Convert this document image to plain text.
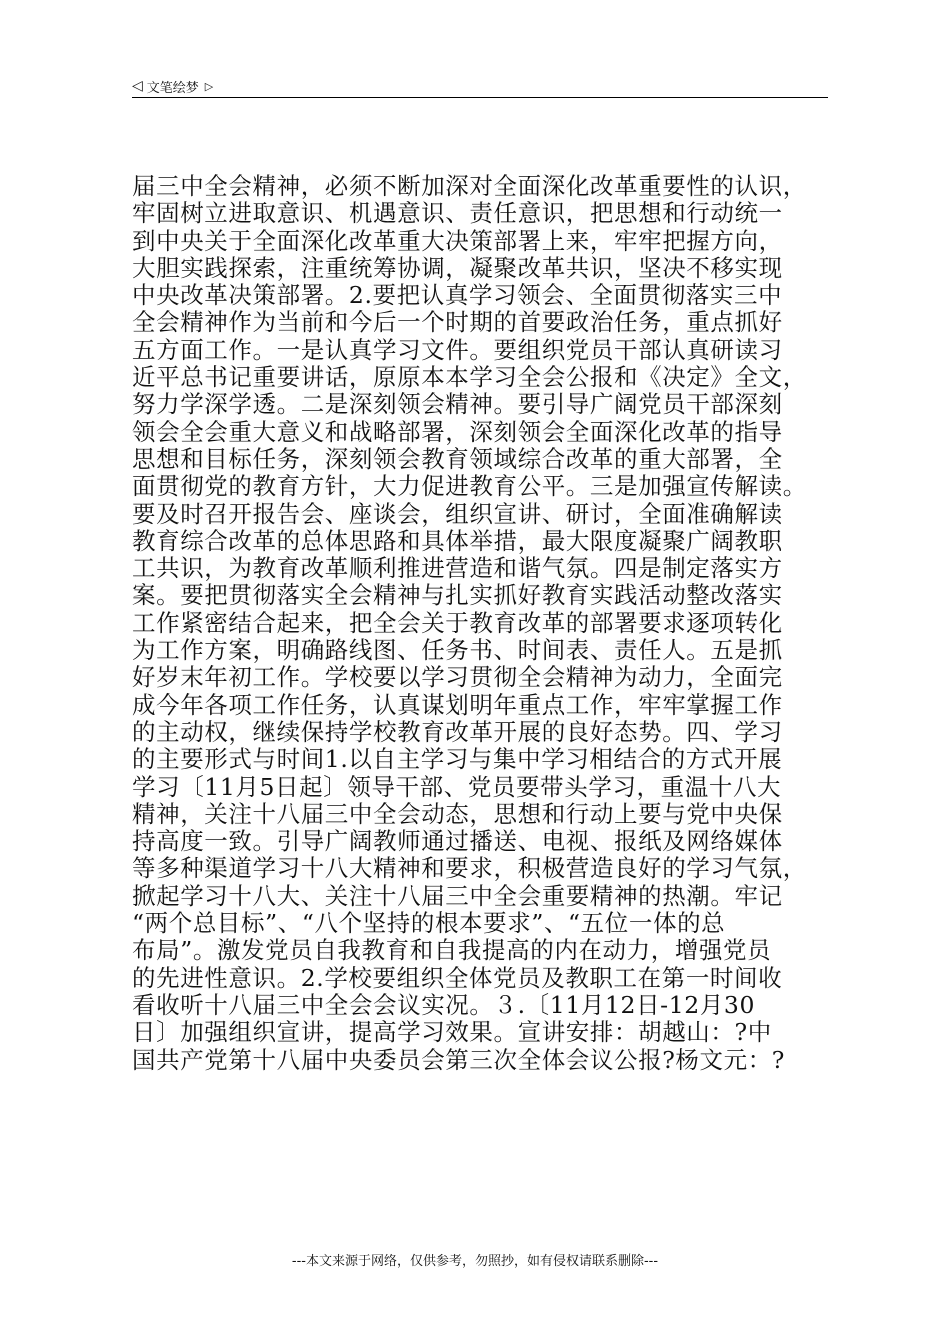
◁ 文笔绘梦 ▷
届三中全会精神，必须不断加深对全面深化改革重要性的认识，
牢固树立进取意识、机遇意识、责任意识，把思想和行动统一
到中央关于全面深化改革重大决策部署上来，牢牢把握方向，
大胆实践探索，注重统筹协调，凝聚改革共识，坚决不移实现
中央改革决策部署。2.要把认真学习领会、全面贯彻落实三中
全会精神作为当前和今后一个时期的首要政治任务，重点抓好
五方面工作。一是认真学习文件。要组织党员干部认真研读习
近平总书记重要讲话，原原本本学习全会公报和《决定》全文，
努力学深学透。二是深刻领会精神。要引导广阔党员干部深刻
领会全会重大意义和战略部署，深刻领会全面深化改革的指导
思想和目标任务，深刻领会教育领域综合改革的重大部署，全
面贯彻党的教育方针，大力促进教育公平。三是加强宣传解读。
要及时召开报告会、座谈会，组织宣讲、研讨，全面准确解读
教育综合改革的总体思路和具体举措，最大限度凝聚广阔教职
工共识，为教育改革顺利推进营造和谐气氛。四是制定落实方
案。要把贯彻落实全会精神与扎实抓好教育实践活动整改落实
工作紧密结合起来，把全会关于教育改革的部署要求逐项转化
为工作方案，明确路线图、任务书、时间表、责任人。五是抓
好岁末年初工作。学校要以学习贯彻全会精神为动力，全面完
成今年各项工作任务，认真谋划明年重点工作，牢牢掌握工作
的主动权，继续保持学校教育改革开展的良好态势。四、学习
的主要形式与时间1.以自主学习与集中学习相结合的方式开展
学习〔11月5日起〕领导干部、党员要带头学习，重温十八大
精神，关注十八届三中全会动态，思想和行动上要与党中央保
持高度一致。引导广阔教师通过播送、电视、报纸及网络媒体
等多种渠道学习十八大精神和要求，积极营造良好的学习气氛，
掀起学习十八大、关注十八届三中全会重要精神的热潮。牢记
“两个总目标”、“八个坚持的根本要求”、“五位一体的总
布局”。激发党员自我教育和自我提高的内在动力，增强党员
的先进性意识。2.学校要组织全体党员及教职工在第一时间收
看收听十八届三中全会会议实况。３.〔11月12日-12月30
日〕加强组织宣讲，提高学习效果。宣讲安排：胡越山：?中
国共产党第十八届中央委员会第三次全体会议公报?杨文元：?
---本文来源于网络，仅供参考，勿照抄，如有侵权请联系删除---
